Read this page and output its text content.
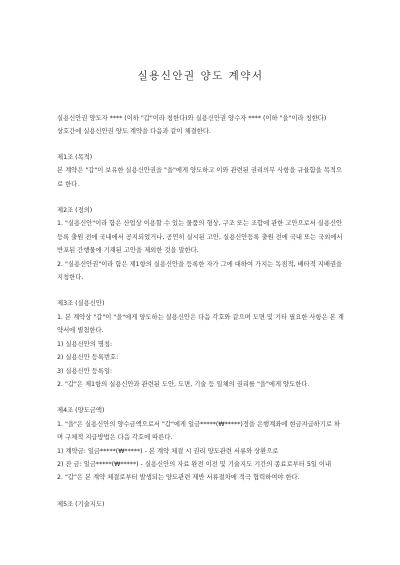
실용신안권 양도 계약서

실용신안권 양도자 **** (이하 "갑"이라 칭한다)와 실용신안권 양수자 **** (이하 "을"이라 칭한다) 상호간에 실용신안권 양도 계약을 다음과 같이 체결한다.

제1조 (목적)

본 계약은 "갑"이 보유한 실용신안권을 "을"에게 양도하고 이와 관련된 권리의무 사항을 규율함을 목적으로 한다.

제2조 (정의)

1. "실용신안"이라 함은 산업상 이용할 수 있는 물품의 형상, 구조 또는 조합에 관한 고안으로서 실용신안등록 출원 전에 국내에서 공지되었거나, 공연히 실시된 고안, 실용신안등록 출원 전에 국내 또는 국외에서 반포된 간행물에 기재된 고안을 제외한 것을 말한다.

2. "실용신안권"이라 함은 제1항의 실용신안을 등록한 자가 그에 대하여 가지는 독점적, 배타적 지배권을 지칭한다.

제3조 (실용신안)

1. 본 계약상 "갑"이 "을"에게 양도하는 실용신안은 다음 각호와 같으며 도면 및 기타 필요한 사항은 본 계약서에 별첨한다.

1) 실용신안의 명칭:

2) 실용신안 등록번호:

3) 실용신안 등록일:

2. "갑"은 제1항의 실용신안과 관련된 도안, 도면, 기술 등 일체의 권리를 "을"에게 양도한다.

제4조 (양도금액)

1. "을"은 실용신안의 양수금액으로서 "갑"에게 일금*****(₩*****)정을 은행계좌에 현금지급하기로 하며 구체적 지급방법은 다음 각호에 따른다.

1) 계약금: 일금*****(₩*****) - 본 계약 체결 시 권리 양도관련 서류와 상환으로

2) 잔 금: 일금*****(₩*****) - 실용신안의 자료 완전 이전 및 기술지도 기간의 종료로부터 5일 이내

2. "갑"은 본 계약 체결로부터 발생되는 양도관련 제반 서류절차에 적극 협력하여야 한다.

제5조 (기술지도)
